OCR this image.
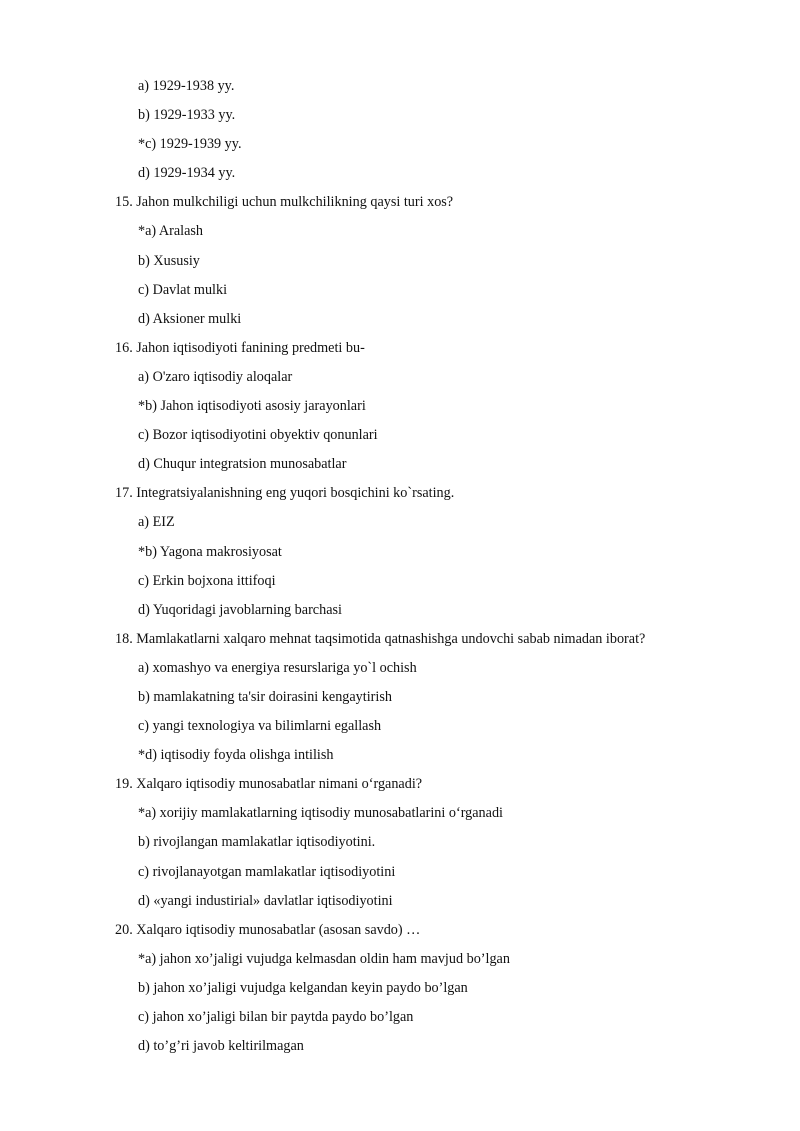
a) 1929-1938 yy.
b) 1929-1933 yy.
*c) 1929-1939 yy.
d) 1929-1934 yy.
15. Jahon mulkchiligi uchun mulkchilikning qaysi turi xos?
*a) Aralash
b) Xususiy
c) Davlat mulki
d) Aksioner mulki
16. Jahon iqtisodiyoti fanining predmeti bu-
a) O'zaro iqtisodiy aloqalar
*b) Jahon iqtisodiyoti asosiy jarayonlari
c) Bozor iqtisodiyotini obyektiv qonunlari
d) Chuqur integratsion munosabatlar
17. Integratsiyalanishning eng yuqori bosqichini ko`rsating.
a) EIZ
*b) Yagona makrosiyosat
c) Erkin bojxona ittifoqi
d) Yuqoridagi javoblarning barchasi
18. Mamlakatlarni xalqaro mehnat taqsimotida qatnashishga undovchi sabab nimadan iborat?
a) xomashyo va energiya resurslariga yo`l ochish
b) mamlakatning ta'sir doirasini kengaytirish
c) yangi texnologiya va bilimlarni egallash
*d) iqtisodiy foyda olishga intilish
19. Xalqaro iqtisodiy munosabatlar nimani o‘rganadi?
*a) xorijiy mamlakatlarning iqtisodiy munosabatlarini o‘rganadi
b) rivojlangan mamlakatlar iqtisodiyotini.
c) rivojlanayotgan mamlakatlar iqtisodiyotini
d) «yangi industirial» davlatlar iqtisodiyotini
20. Xalqaro iqtisodiy munosabatlar (asosan savdo) …
*a) jahon xo’jaligi vujudga kelmasdan oldin ham mavjud bo’lgan
b) jahon xo’jaligi vujudga kelgandan keyin paydo bo’lgan
c) jahon xo’jaligi bilan bir paytda paydo bo’lgan
d) to’g’ri javob keltirilmagan
